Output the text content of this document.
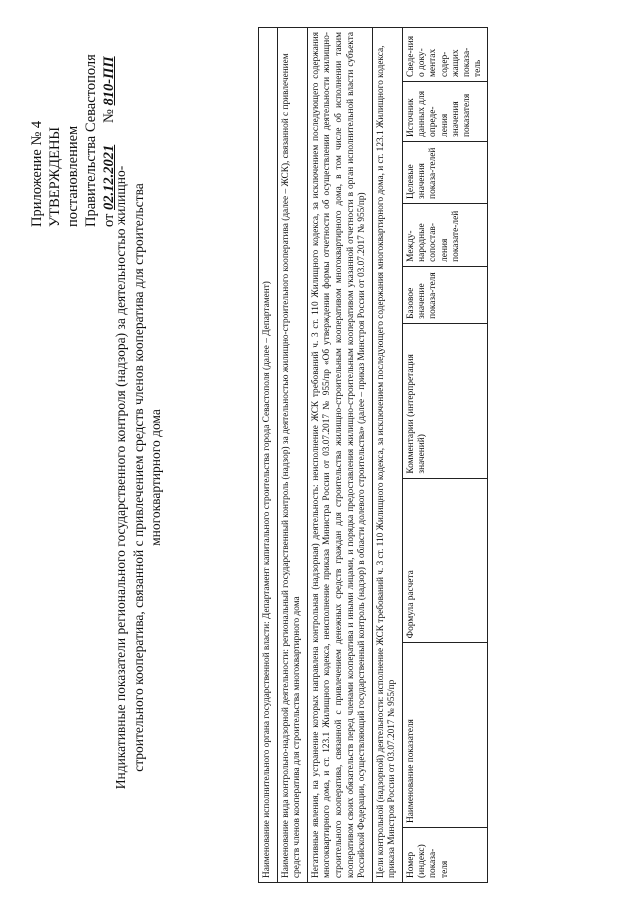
Приложение № 4 УТВЕРЖДЕНЫ постановлением Правительства Севастополя от 02.12.2021      № 810-ПП
Индикативные показатели регионального государственного контроля (надзора) за деятельностью жилищно-строительного кооператива, связанной с привлечением средств членов кооператива для строительства многоквартирного дома	Наименование исполнительного органа государственной власти: Департамент капитального строительства города Севастополя (далее – Департамент)
Наименование вида контрольно-надзорной деятельности: региональный государственный контроль (надзор) за деятельностью жилищно-строительного кооператива (далее – ЖСК), связанной с привлечением средств членов кооператива для строительства многоквартирного дома
Негативные явления, на устранение которых направлена контрольная (надзорная) деятельность: неисполнение ЖСК требований ч. 3 ст. 110 Жилищного кодекса, за исключением последующего содержания многоквартирного дома, и ст. 123.1 Жилищного кодекса, неисполнение приказа Министра России от 03.07.2017 № 955/пр «Об утверждении формы отчетности об осуществлении деятельности жилищно-строительного кооператива, связанной с привлечением денежных средств граждан для строительства жилищно-строительным кооперативом многоквартирного дома, в том числе об исполнении таким кооперативом своих обязательств перед членами кооператива и иными лицами, и порядка предоставления жилищно-строительным кооперативом указанной отчетности в орган исполнительной власти субъекта Российской Федерации, осуществляющий государственный контроль (надзор) в области долевого строительства» (далее – приказ Минстроя России от 03.07.2017 № 955/пр)
Цели контрольной (надзорной) деятельности: исполнение ЖСК требований ч. 3 ст. 110 Жилищного кодекса, за исключением последующего содержания многоквартирного дома, и ст. 123.1 Жилищного кодекса, приказа Минстроя России от 03.07.2017 № 955/пр
Номер (индекс) показа-теля	Наименование показателя	Формула расчета	Комментарии (интерпретация значений)	Базовое значение показа-теля	Между-народные сопостав-ления показате-лей	Целевые значения показа-телей	Источник данных для опреде-ления значения показателя	Сведе-ния о доку-ментах содер-жащих показа-тель
